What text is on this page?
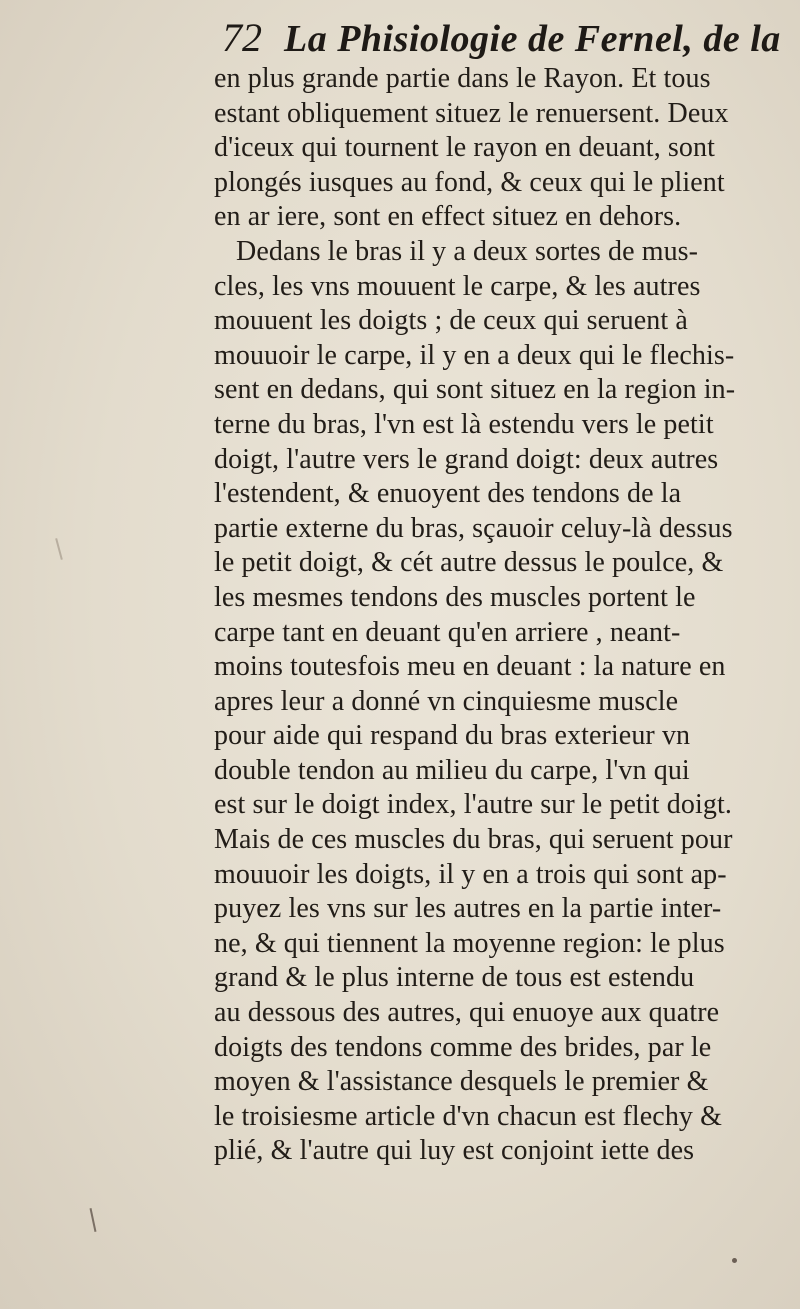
72 La Phisiologie de Fernel, de la
en plus grande partie dans le Rayon. Et tous
estant obliquement situez le renuersent. Deux
d'iceux qui tournent le rayon en deuant, sont
plongés iusques au fond, & ceux qui le plient
en ar iere, sont en effect situez en dehors.
Dedans le bras il y a deux sortes de mus-
cles, les vns mouuent le carpe, & les autres
mouuent les doigts ; de ceux qui seruent à
mouuoir le carpe, il y en a deux qui le flechis-
sent en dedans, qui sont situez en la region in-
terne du bras, l'vn est là estendu vers le petit
doigt, l'autre vers le grand doigt: deux autres
l'estendent, & enuoyent des tendons de la
partie externe du bras, sçauoir celuy-là dessus
le petit doigt, & cét autre dessus le poulce, &
les mesmes tendons des muscles portent le
carpe tant en deuant qu'en arriere , neant-
moins toutesfois meu en deuant : la nature en
apres leur a donné vn cinquiesme muscle
pour aide qui respand du bras exterieur vn
double tendon au milieu du carpe, l'vn qui
est sur le doigt index, l'autre sur le petit doigt.
Mais de ces muscles du bras, qui seruent pour
mouuoir les doigts, il y en a trois qui sont ap-
puyez les vns sur les autres en la partie inter-
ne, & qui tiennent la moyenne region: le plus
grand & le plus interne de tous est estendu
au dessous des autres, qui enuoye aux quatre
doigts des tendons comme des brides, par le
moyen & l'assistance desquels le premier &
le troisiesme article d'vn chacun est flechy &
plié, & l'autre qui luy est conjoint iette des
